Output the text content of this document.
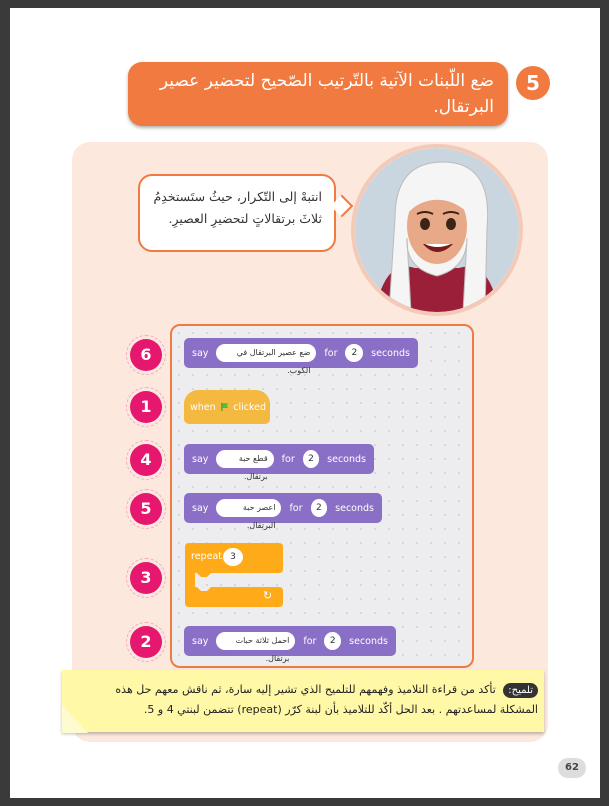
ضع اللّبنات الآتية بالتّرتيب الصّحيح لتحضير عصير البرتقال.
5
انتبهْ إلى التّكرار، حيثُ ستَستخدِمُ
ثلاثَ برتقالاتٍ لتحضيرِ العصيرِ.
6	say	ضع عصير البرتقال في الكوب.
for	2	seconds
1	when clicked
4	say	قطع حبة برتقال.
for	2	seconds
5	say	اعصر حبة البرتقال.
for	2	seconds
3
repeat 3
↻
2	say	احمل ثلاثة حبات برتقال.
for	2	seconds
تلميح: تأكد من قراءة التلاميذ وفهمهم للتلميح الذي تشير إليه سارة، ثم ناقش معهم حل هذه المشكلة لمساعدتهم . بعد الحل أكّد للتلاميذ بأن لبنة كرّر (repeat) تتضمن لبنتي 4 و 5.
62
